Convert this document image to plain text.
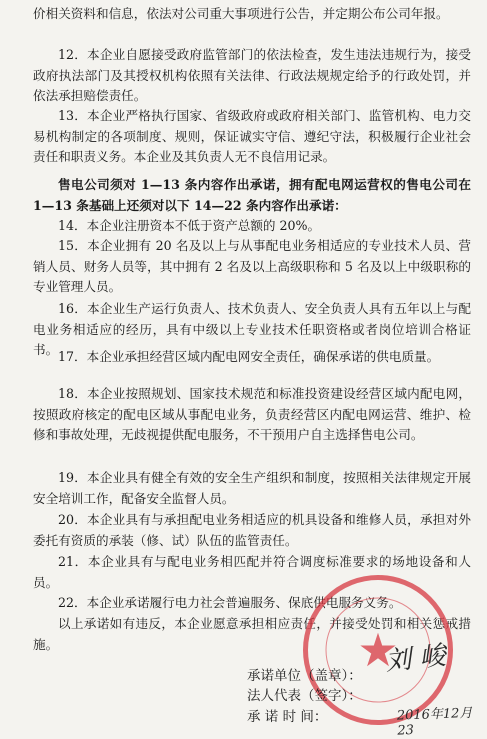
价相关资料和信息，依法对公司重大事项进行公告，并定期公布公司年报。

12．本企业自愿接受政府监管部门的依法检查，发生违法违规行为，接受政府执法部门及其授权机构依照有关法律、行政法规规定给予的行政处罚，并依法承担赔偿责任。

13．本企业严格执行国家、省级政府或政府相关部门、监管机构、电力交易机构制定的各项制度、规则，保证诚实守信、遵纪守法，积极履行企业社会责任和职责义务。本企业及其负责人无不良信用记录。

售电公司须对 1—13 条内容作出承诺，拥有配电网运营权的售电公司在 1—13 条基础上还须对以下 14—22 条内容作出承诺：

14．本企业注册资本不低于资产总额的 20%。

15．本企业拥有 20 名及以上与从事配电业务相适应的专业技术人员、营销人员、财务人员等，其中拥有 2 名及以上高级职称和 5 名及以上中级职称的专业管理人员。

16．本企业生产运行负责人、技术负责人、安全负责人具有五年以上与配电业务相适应的经历，具有中级以上专业技术任职资格或者岗位培训合格证书。 17．本企业承担经营区域内配电网安全责任，确保承诺的供电质量。

18．本企业按照规划、国家技术规范和标准投资建设经营区域内配电网，按照政府核定的配电区域从事配电业务，负责经营区内配电网运营、维护、检修和事故处理，无歧视提供配电服务，不干预用户自主选择售电公司。

19．本企业具有健全有效的安全生产组织和制度，按照相关法律规定开展安全培训工作，配备安全监督人员。

20．本企业具有与承担配电业务相适应的机具设备和维修人员，承担对外委托有资质的承装（修、试）队伍的监管责任。

21．本企业具有与配电业务相匹配并符合调度标准要求的场地设备和人员。

22．本企业承诺履行电力社会普遍服务、保底供电服务义务。

以上承诺如有违反，本企业愿意承担相应责任，并接受处罚和相关惩戒措施。	★
承诺单位（盖章）：
法人代表（签字）：
承 诺 时 间：
刘 峻
2016年12月23
